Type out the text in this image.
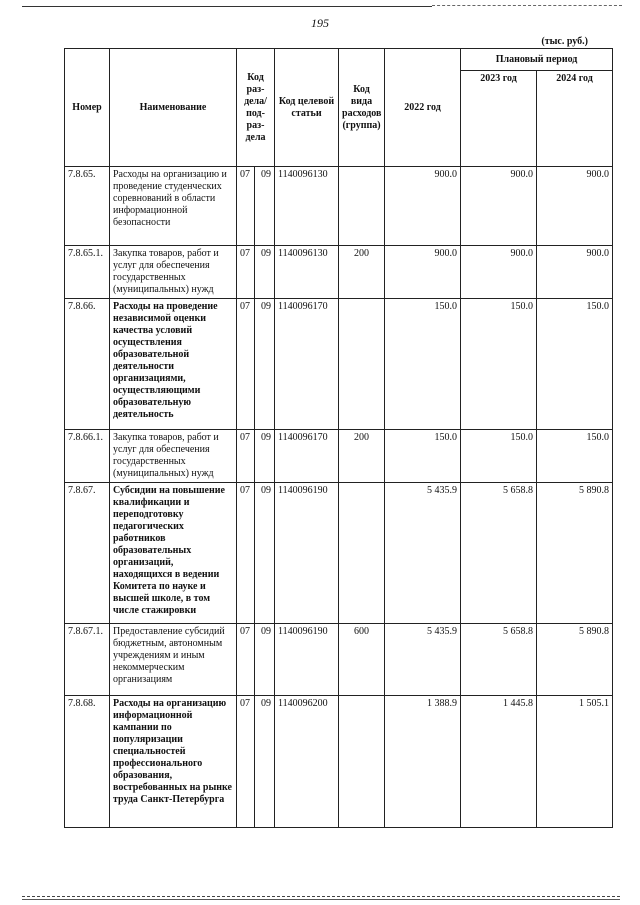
195
(тыс. руб.)
Номер	Наименование	Код раз-дела/ под-раз-дела		Код целевой статьи	Код вида расходов (группа)	2022 год	Плановый период	
							2023 год	2024 год
7.8.65.	Расходы на организацию и проведение студенческих соревнований в области информационной безопасности	07	09	1140096130		900.0	900.0	900.0
7.8.65.1.	Закупка товаров, работ и услуг для обеспечения государственных (муниципальных) нужд	07	09	1140096130	200	900.0	900.0	900.0
7.8.66.	Расходы на проведение независимой оценки качества условий осуществления образовательной деятельности организациями, осуществляющими образовательную деятельность	07	09	1140096170		150.0	150.0	150.0
7.8.66.1.	Закупка товаров, работ и услуг для обеспечения государственных (муниципальных) нужд	07	09	1140096170	200	150.0	150.0	150.0
7.8.67.	Субсидии на повышение квалификации и переподготовку педагогических работников образовательных организаций, находящихся в ведении Комитета по науке и высшей школе, в том числе стажировки	07	09	1140096190		5 435.9	5 658.8	5 890.8
7.8.67.1.	Предоставление субсидий бюджетным, автономным учреждениям и иным некоммерческим организациям	07	09	1140096190	600	5 435.9	5 658.8	5 890.8
7.8.68.	Расходы на организацию информационной кампании по популяризации специальностей профессионального образования, востребованных на рынке труда Санкт-Петербурга	07	09	1140096200		1 388.9	1 445.8	1 505.1
